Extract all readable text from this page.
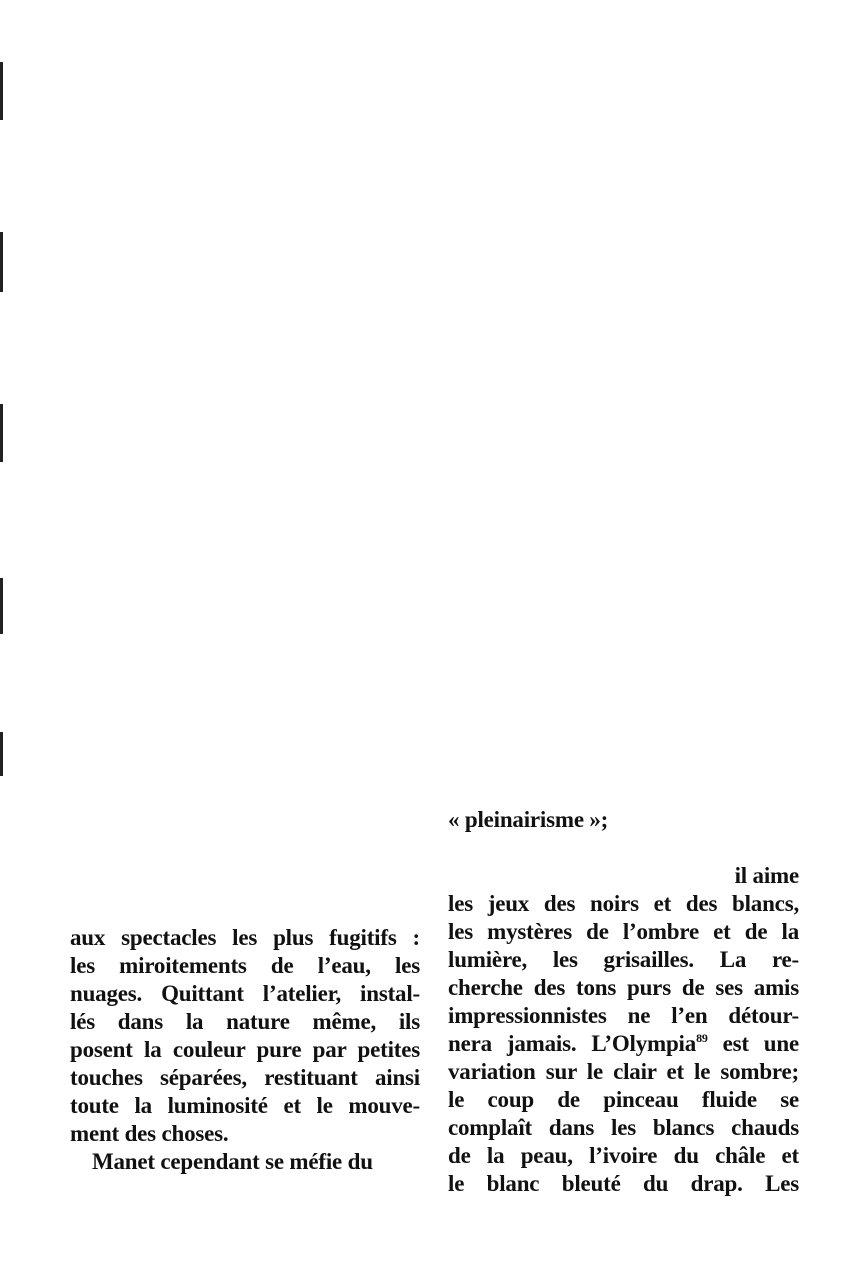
aux spectacles les plus fugitifs :
les miroitements de l’eau, les
nuages. Quittant l’atelier, instal-
lés dans la nature même, ils
posent la couleur pure par petites
touches séparées, restituant ainsi
toute la luminosité et le mouve-
ment des choses.
Manet cependant se méfie du
« pleinairisme »;
il aime
les jeux des noirs et des blancs,
les mystères de l’ombre et de la
lumière, les grisailles. La re-
cherche des tons purs de ses amis
impressionnistes ne l’en détour-
nera jamais. L’Olympia$^{89}$ est une
variation sur le clair et le sombre;
le coup de pinceau fluide se
complaît dans les blancs chauds
de la peau, l’ivoire du châle et
le blanc bleuté du drap. Les
